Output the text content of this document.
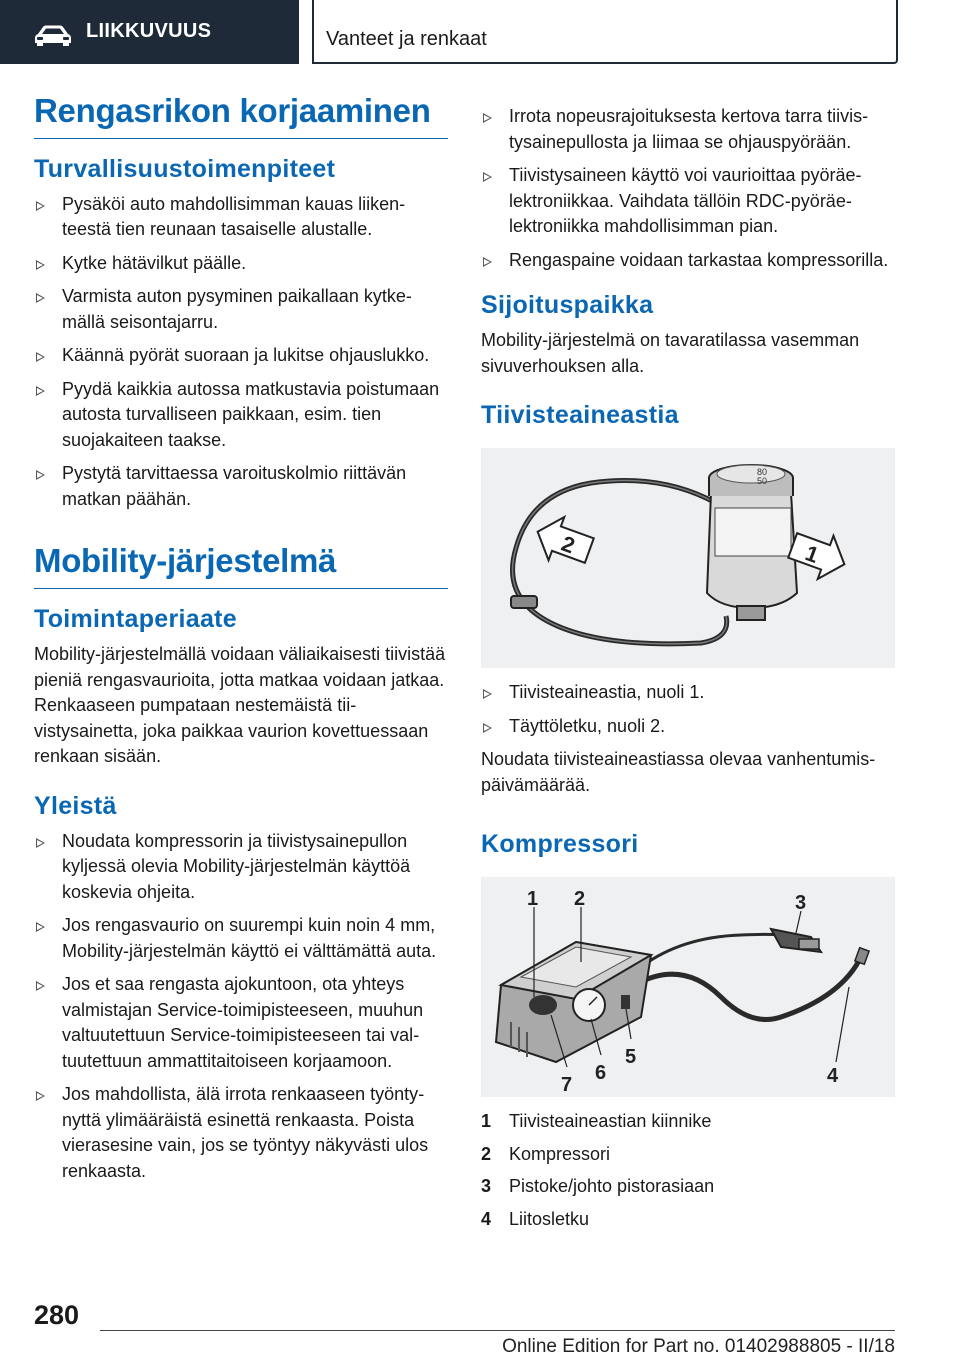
LIIKKUVUUS	Vanteet ja renkaat
Rengasrikon korjaaminen
Turvallisuustoimenpiteet
Pysäköi auto mahdollisimman kauas liikenteestä tien reunaan tasaiselle alustalle.
Kytke hätävilkut päälle.
Varmista auton pysyminen paikallaan kytkemällä seisontajarru.
Käännä pyörät suoraan ja lukitse ohjauslukko.
Pyydä kaikkia autossa matkustavia poistumaan autosta turvalliseen paikkaan, esim. tien suojakaiteen taakse.
Pystytä tarvittaessa varoituskolmio riittävän matkan päähän.
Mobility-järjestelmä
Toimintaperiaate

Mobility-järjestelmällä voidaan väliaikaisesti tiivistää pieniä rengasvaurioita, jotta matkaa voidaan jatkaa. Renkaaseen pumpataan nestemäistä tiivistysainetta, joka paikkaa vaurion kovettuessaan renkaan sisään.

Yleistä
Noudata kompressorin ja tiivistysainepullon kyljessä olevia Mobility-järjestelmän käyttöä koskevia ohjeita.
Jos rengasvaurio on suurempi kuin noin 4 mm, Mobility-järjestelmän käyttö ei välttämättä auta.
Jos et saa rengasta ajokuntoon, ota yhteys valmistajan Service-toimipisteeseen, muuhun valtuutettuun Service-toimipisteeseen tai valtuutettuun ammattitaitoiseen korjaamoon.
Jos mahdollista, älä irrota renkaaseen työntynyttä ylimääräistä esinettä renkaasta. Poista vierasesine vain, jos se työntyy näkyvästi ulos renkaasta.
Irrota nopeusrajoituksesta kertova tarra tiivistysainepullosta ja liimaa se ohjauspyörään.
Tiivistysaineen käyttö voi vaurioittaa pyöräelektroniikkaa. Vaihdata tällöin RDC-pyöräelektroniikka mahdollisimman pian.
Rengaspaine voidaan tarkastaa kompressorilla.
Sijoituspaikka

Mobility-järjestelmä on tavaratilassa vasemman sivuverhouksen alla.

Tiivisteaineastia
80
50
2	1
Tiivisteaineastia, nuoli 1.
Täyttöletku, nuoli 2.

Noudata tiivisteaineastiassa olevaa vanhentumispäivämäärää.

Kompressori
1 2	3
4
5
6
7
1 Tiivisteaineastian kiinnike
2 Kompressori
3 Pistoke/johto pistorasiaan
4 Liitosletku
280
Online Edition for Part no. 01402988805 - II/18
